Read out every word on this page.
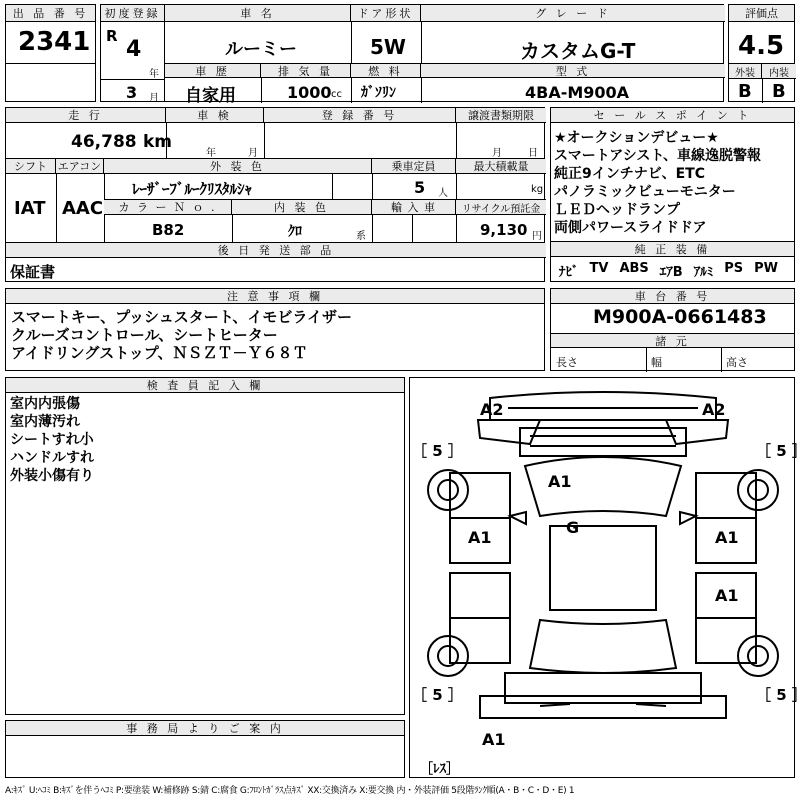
出 品 番 号
2341
初度登録
R
4
年
3 月
車 名	ドア形状	グ レ ー ド
ルーミー	5W	カスタムG-T
車 歴	排 気 量	燃 料	型 式
自家用	1000 cc ｶﾞｿﾘﾝ	4BA-M900A
評価点
4.5
外装	内装
B B
走 行	車 検	登 録 番 号	譲渡書類期限
46,788 km
年	月	月	日
シフト エアコン	外 装 色	乗車定員	最大積載量
IAT AAC
ﾚｰｻﾞｰﾌﾞﾙｰｸﾘｽﾀﾙｼｬ	5 人	kg
カ ラ ー Ｎ ｏ .	内 装 色	輸 入 車	リサイクル預託金
B82	ｸﾛ	系	9,130 円
後 日 発 送 部 品
保証書
セ ー ル ス ポ イ ン ト
★オークションデビュー★
スマートアシスト、車線逸脱警報
純正9インチナビ、ETC
パノラミックビューモニター
ＬＥＤヘッドランプ
両側パワースライドドア
純 正 装 備
ﾅﾋﾞ TV ABS ｴｱB ｱﾙﾐ PS PW
注 意 事 項 欄
スマートキー、プッシュスタート、イモビライザー
クルーズコントロール、シートヒーター
アイドリングストップ、ＮＳＺＴ－Ｙ６８Ｔ
車 台 番 号
M900A-0661483
諸 元
長さ	幅	高さ
検 査 員 記 入 欄
室内内張傷
室内薄汚れ
シートすれ小
ハンドルすれ
外装小傷有り
事 務 局 よ り ご 案 内
A2	A2
A1
G
A1	A1
A1
A1
［ 5 ］	［ 5 ］
［ 5 ］	［ 5 ］
［ﾚｽ］
A:ｷｽﾞ U:ﾍｺﾐ B:ｷｽﾞを伴うﾍｺﾐ P:要塗装 W:補修跡 S:錆 C:腐食 G:ﾌﾛﾝﾄｶﾞﾗｽ点ｷｽﾞ XX:交換済み X:要交換 内・外装評価 5段階ﾗﾝｸ順(A・B・C・D・E) 1
